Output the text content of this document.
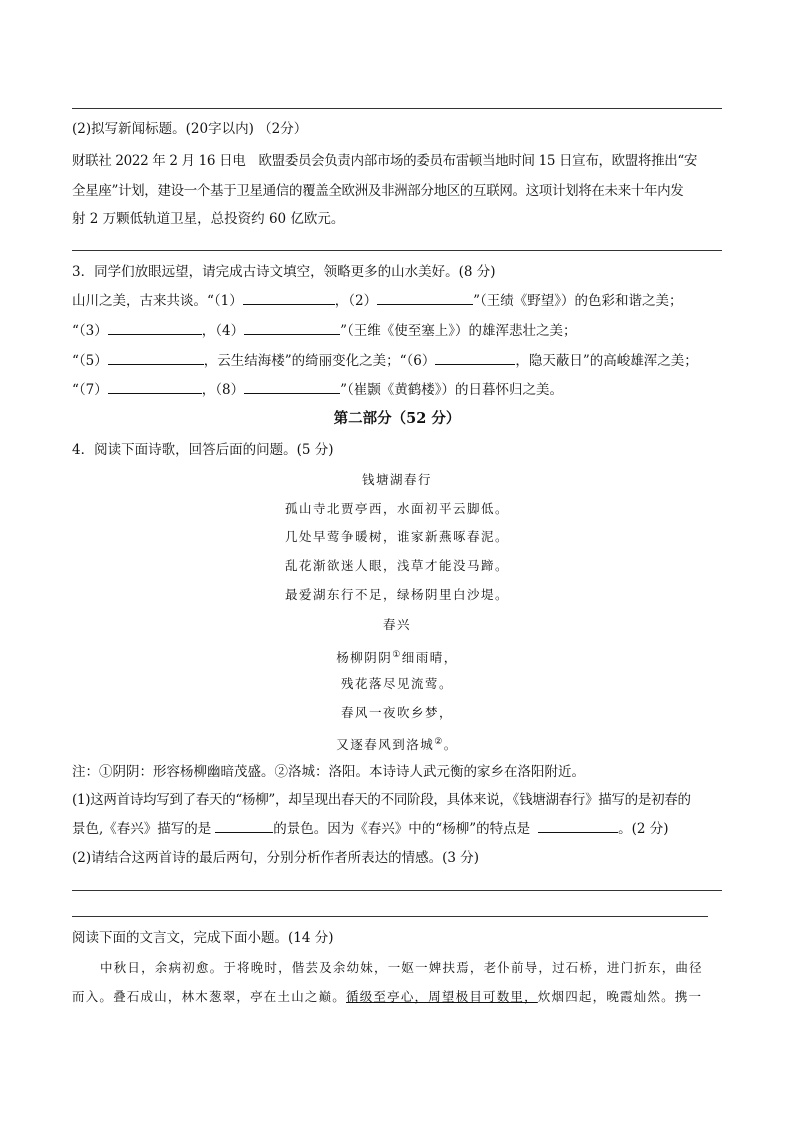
(2)拟写新闻标题。(20字以内) （2分）
财联社 2022 年 2 月 16 日电　欧盟委员会负责内部市场的委员布雷顿当地时间 15 日宣布，欧盟将推出“安
全星座”计划，建设一个基于卫星通信的覆盖全欧洲及非洲部分地区的互联网。这项计划将在未来十年内发
射 2 万颗低轨道卫星，总投资约 60 亿欧元。
3．同学们放眼远望，请完成古诗文填空，领略更多的山水美好。(8 分)
山川之美，古来共谈。“（1）	，（2）	”（王绩《野望》）的色彩和谐之美；
“（3）	，（4）	”（王维《使至塞上》）的雄浑悲壮之美；
“（5）	，云生结海楼”的绮丽变化之美；“（6）	，隐天蔽日”的高峻雄浑之美；
“（7）	，（8）	”（崔颢《黄鹤楼》）的日暮怀归之美。
第二部分（52 分）
4．阅读下面诗歌，回答后面的问题。(5 分)
钱塘湖春行
孤山寺北贾亭西，水面初平云脚低。
几处早莺争暖树，谁家新燕啄春泥。
乱花渐欲迷人眼，浅草才能没马蹄。
最爱湖东行不足，绿杨阴里白沙堤。
春兴
杨柳阴阴①细雨晴，
残花落尽见流莺。
春风一夜吹乡梦，
又逐春风到洛城②。
注：①阴阴：形容杨柳幽暗茂盛。②洛城：洛阳。本诗诗人武元衡的家乡在洛阳附近。
(1)这两首诗均写到了春天的“杨柳”，却呈现出春天的不同阶段，具体来说，《钱塘湖春行》描写的是初春的
景色,《春兴》描写的是	的景色。因为《春兴》中的“杨柳”的特点是	。(2 分)
(2)请结合这两首诗的最后两句，分别分析作者所表达的情感。(3 分)
阅读下面的文言文，完成下面小题。(14 分)
中秋日，余病初愈。于将晚时，偕芸及余幼妹，一妪一婢扶焉，老仆前导，过石桥，进门折东，曲径
而入。叠石成山，林木葱翠，亭在土山之巅。循级至亭心，周望极目可数里，炊烟四起，晚霞灿然。携一
